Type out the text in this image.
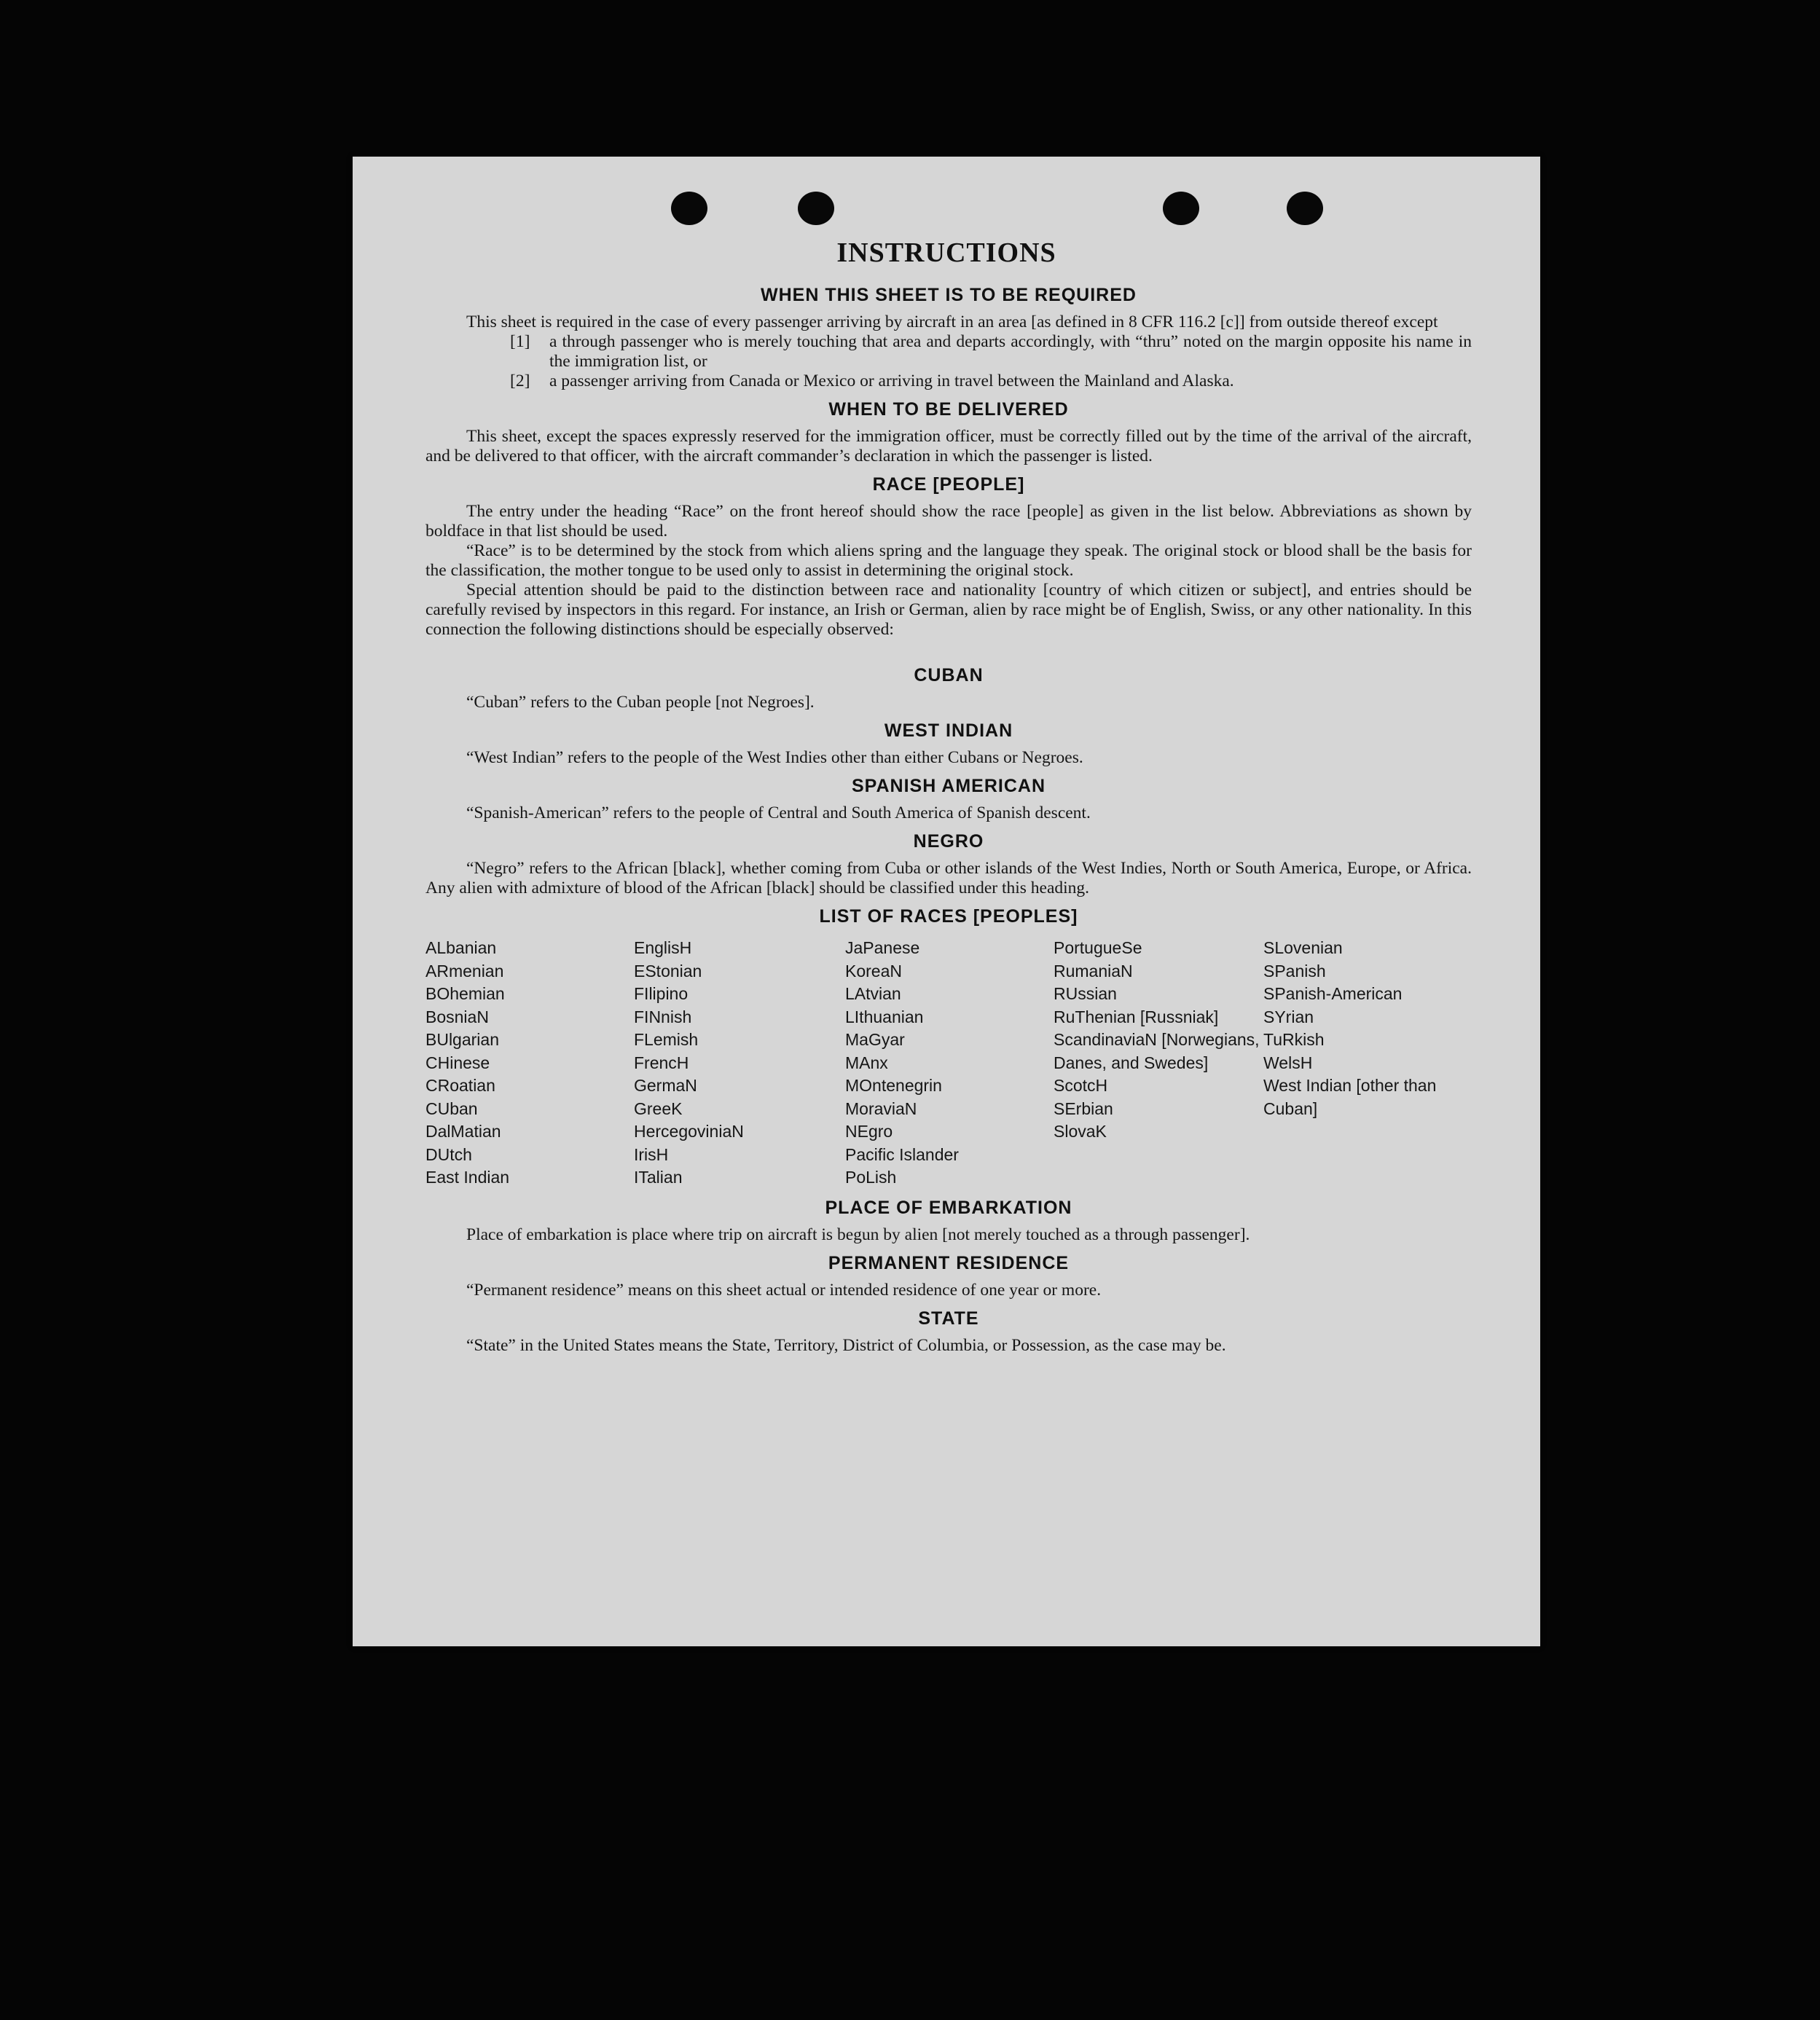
INSTRUCTIONS
WHEN THIS SHEET IS TO BE REQUIRED

This sheet is required in the case of every passenger arriving by aircraft in an area [as defined in 8 CFR 116.2 [c]] from outside thereof except

[1]	a through passenger who is merely touching that area and departs accordingly, with “thru” noted on the margin opposite his name in the immigration list, or
[2]	a passenger arriving from Canada or Mexico or arriving in travel between the Mainland and Alaska.
WHEN TO BE DELIVERED

This sheet, except the spaces expressly reserved for the immigration officer, must be correctly filled out by the time of the arrival of the aircraft, and be delivered to that officer, with the aircraft commander’s declaration in which the passenger is listed.

RACE [PEOPLE]

The entry under the heading “Race” on the front hereof should show the race [people] as given in the list below. Abbreviations as shown by boldface in that list should be used.

“Race” is to be determined by the stock from which aliens spring and the language they speak. The original stock or blood shall be the basis for the classification, the mother tongue to be used only to assist in determining the original stock.

Special attention should be paid to the distinction between race and nationality [country of which citizen or subject], and entries should be carefully revised by inspectors in this regard. For instance, an Irish or German, alien by race might be of English, Swiss, or any other nationality. In this connection the following distinctions should be especially observed:

CUBAN

“Cuban” refers to the Cuban people [not Negroes].

WEST INDIAN

“West Indian” refers to the people of the West Indies other than either Cubans or Negroes.

SPANISH AMERICAN

“Spanish-American” refers to the people of Central and South America of Spanish descent.

NEGRO

“Negro” refers to the African [black], whether coming from Cuba or other islands of the West Indies, North or South America, Europe, or Africa. Any alien with admixture of blood of the African [black] should be classified under this heading.

LIST OF RACES [PEOPLES]
ALbanian
ARmenian
BOhemian
BosniaN
BUlgarian
CHinese
CRoatian
CUban
DalMatian
DUtch
East Indian
EnglisH
EStonian
FIlipino
FINnish
FLemish
FrencH
GermaN
GreeK
HercegoviniaN
IrisH
ITalian
JaPanese
KoreaN
LAtvian
LIthuanian
MaGyar
MAnx
MOntenegrin
MoraviaN
NEgro
Pacific Islander
PoLish
PortugueSe
RumaniaN
RUssian
RuThenian [Russniak]
ScandinaviaN [Norwegians, Danes, and Swedes]
ScotcH
SErbian
SlovaK
SLovenian
SPanish
SPanish-American
SYrian
TuRkish
WelsH
West Indian [other than Cuban]
PLACE OF EMBARKATION

Place of embarkation is place where trip on aircraft is begun by alien [not merely touched as a through passenger].

PERMANENT RESIDENCE

“Permanent residence” means on this sheet actual or intended residence of one year or more.

STATE

“State” in the United States means the State, Territory, District of Columbia, or Possession, as the case may be.
